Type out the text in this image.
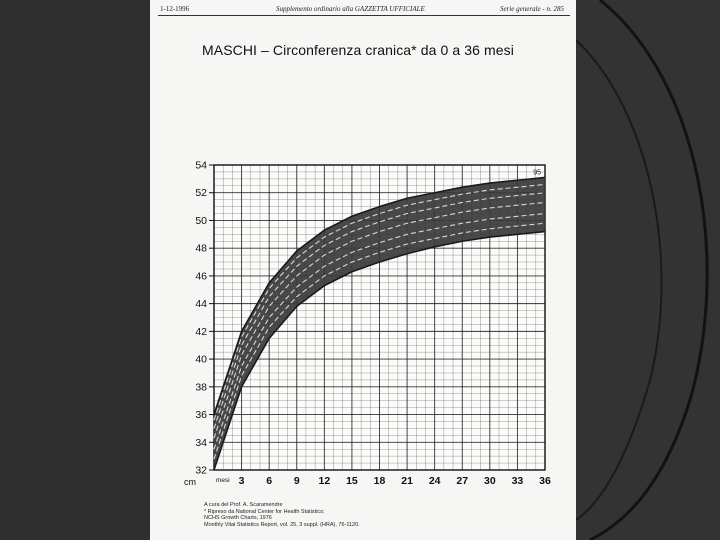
1-12-1996	Supplemento ordinario alla GAZZETTA UFFICIALE	Serie generale - n. 285
MASCHI – Circonferenza cranica* da 0 a 36 mesi
32
34
36
38
40
42
44
46
48
50
52
54
3 6 9 12 15 18 21 24 27 30 33 36
mesi
cm
95
A cura del Prof. A. Scaramendre
* Ripreso da National Center for Health Statistics:
NCHS Growth Charts, 1976
Monthly Vital Statistics Report, vol. 25, 3 suppl. (HRA), 76-1120.
